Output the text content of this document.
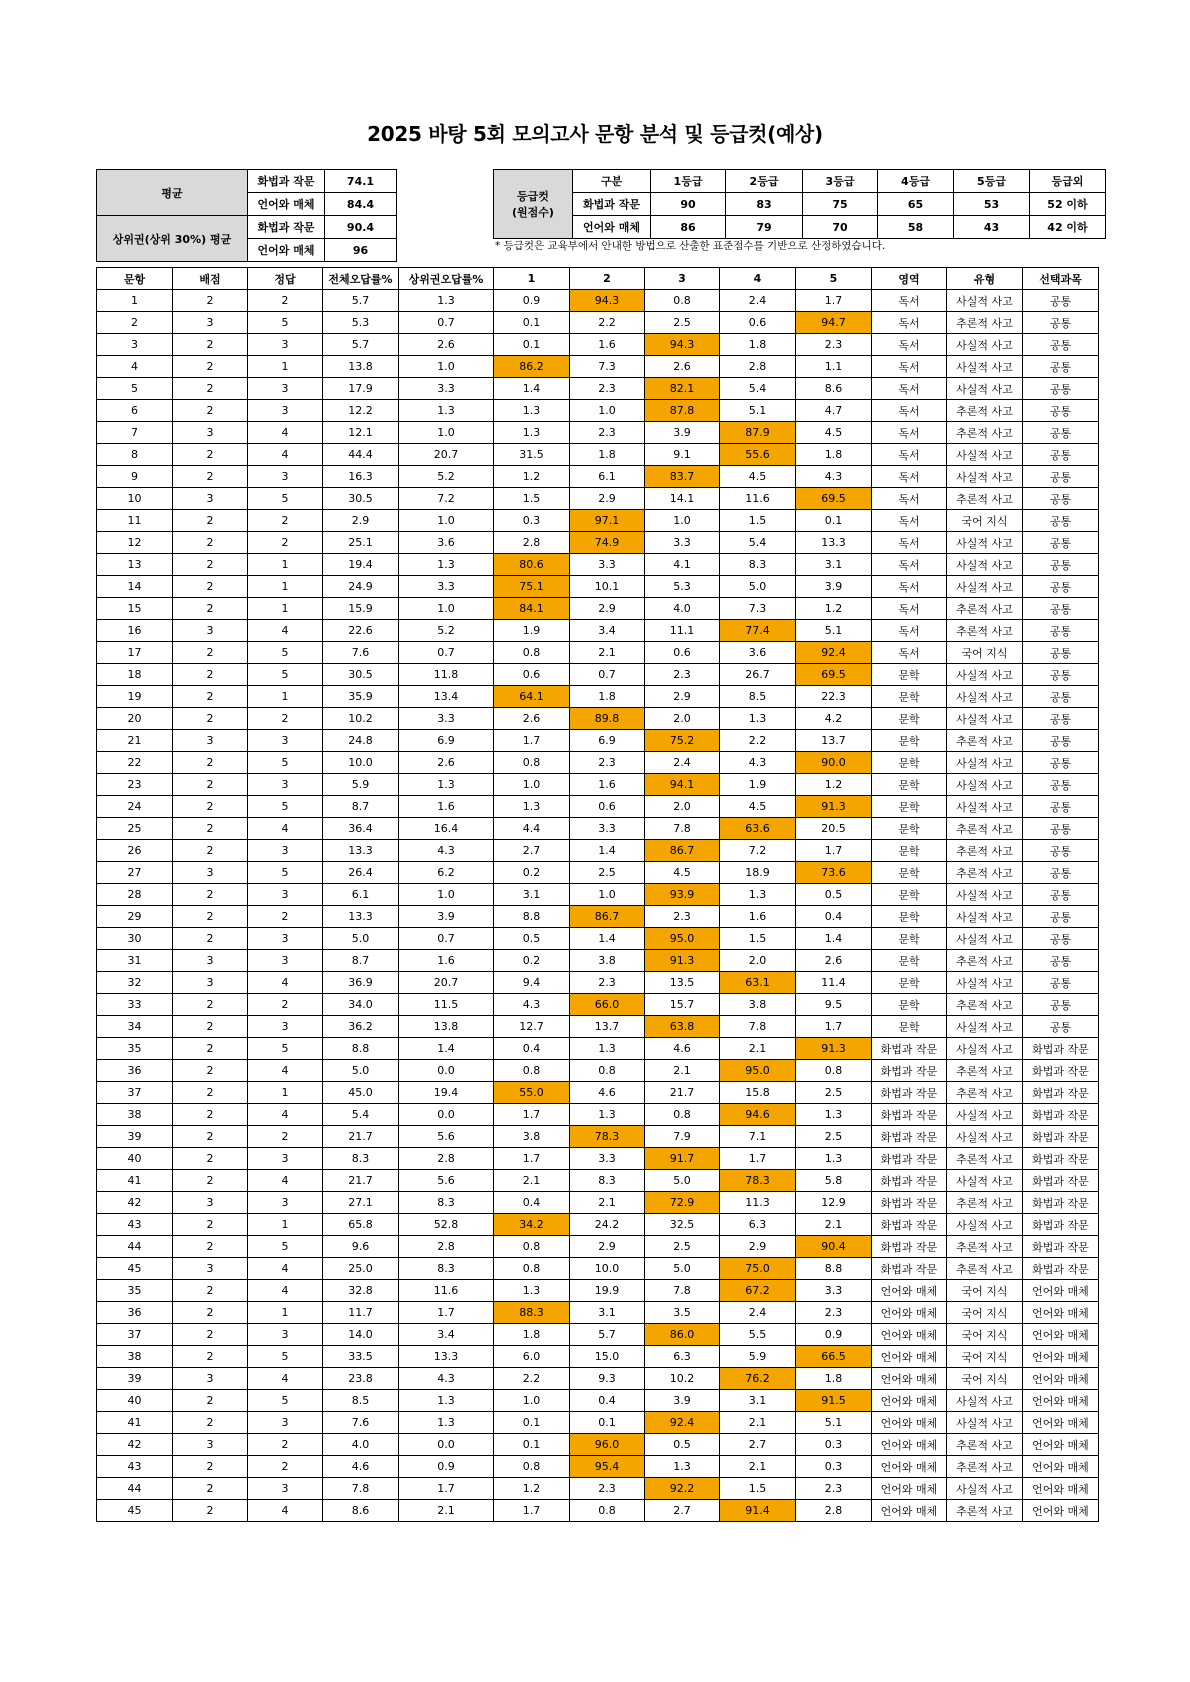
2025 바탕 5회 모의고사 문항 분석 및 등급컷(예상)
평균	화법과 작문	74.1
	언어와 매체	84.4
상위권(상위 30%) 평균	화법과 작문	90.4
	언어와 매체	96
등급컷
(원점수)	구분	1등급	2등급	3등급	4등급	5등급	등급외
	화법과 작문	90	83	75	65	53	52 이하
	언어와 매체	86	79	70	58	43	42 이하
* 등급컷은 교육부에서 안내한 방법으로 산출한 표준점수를 기반으로 산정하였습니다.
문항	배점	정답	전체오답률%	상위권오답률%	1	2	3	4	5	영역	유형	선택과목
1	2	2	5.7	1.3	0.9	94.3	0.8	2.4	1.7	독서	사실적 사고	공통
2	3	5	5.3	0.7	0.1	2.2	2.5	0.6	94.7	독서	추론적 사고	공통
3	2	3	5.7	2.6	0.1	1.6	94.3	1.8	2.3	독서	사실적 사고	공통
4	2	1	13.8	1.0	86.2	7.3	2.6	2.8	1.1	독서	사실적 사고	공통
5	2	3	17.9	3.3	1.4	2.3	82.1	5.4	8.6	독서	사실적 사고	공통
6	2	3	12.2	1.3	1.3	1.0	87.8	5.1	4.7	독서	추론적 사고	공통
7	3	4	12.1	1.0	1.3	2.3	3.9	87.9	4.5	독서	추론적 사고	공통
8	2	4	44.4	20.7	31.5	1.8	9.1	55.6	1.8	독서	사실적 사고	공통
9	2	3	16.3	5.2	1.2	6.1	83.7	4.5	4.3	독서	사실적 사고	공통
10	3	5	30.5	7.2	1.5	2.9	14.1	11.6	69.5	독서	추론적 사고	공통
11	2	2	2.9	1.0	0.3	97.1	1.0	1.5	0.1	독서	국어 지식	공통
12	2	2	25.1	3.6	2.8	74.9	3.3	5.4	13.3	독서	사실적 사고	공통
13	2	1	19.4	1.3	80.6	3.3	4.1	8.3	3.1	독서	사실적 사고	공통
14	2	1	24.9	3.3	75.1	10.1	5.3	5.0	3.9	독서	사실적 사고	공통
15	2	1	15.9	1.0	84.1	2.9	4.0	7.3	1.2	독서	추론적 사고	공통
16	3	4	22.6	5.2	1.9	3.4	11.1	77.4	5.1	독서	추론적 사고	공통
17	2	5	7.6	0.7	0.8	2.1	0.6	3.6	92.4	독서	국어 지식	공통
18	2	5	30.5	11.8	0.6	0.7	2.3	26.7	69.5	문학	사실적 사고	공통
19	2	1	35.9	13.4	64.1	1.8	2.9	8.5	22.3	문학	사실적 사고	공통
20	2	2	10.2	3.3	2.6	89.8	2.0	1.3	4.2	문학	사실적 사고	공통
21	3	3	24.8	6.9	1.7	6.9	75.2	2.2	13.7	문학	추론적 사고	공통
22	2	5	10.0	2.6	0.8	2.3	2.4	4.3	90.0	문학	사실적 사고	공통
23	2	3	5.9	1.3	1.0	1.6	94.1	1.9	1.2	문학	사실적 사고	공통
24	2	5	8.7	1.6	1.3	0.6	2.0	4.5	91.3	문학	사실적 사고	공통
25	2	4	36.4	16.4	4.4	3.3	7.8	63.6	20.5	문학	추론적 사고	공통
26	2	3	13.3	4.3	2.7	1.4	86.7	7.2	1.7	문학	추론적 사고	공통
27	3	5	26.4	6.2	0.2	2.5	4.5	18.9	73.6	문학	추론적 사고	공통
28	2	3	6.1	1.0	3.1	1.0	93.9	1.3	0.5	문학	사실적 사고	공통
29	2	2	13.3	3.9	8.8	86.7	2.3	1.6	0.4	문학	사실적 사고	공통
30	2	3	5.0	0.7	0.5	1.4	95.0	1.5	1.4	문학	사실적 사고	공통
31	3	3	8.7	1.6	0.2	3.8	91.3	2.0	2.6	문학	추론적 사고	공통
32	3	4	36.9	20.7	9.4	2.3	13.5	63.1	11.4	문학	사실적 사고	공통
33	2	2	34.0	11.5	4.3	66.0	15.7	3.8	9.5	문학	추론적 사고	공통
34	2	3	36.2	13.8	12.7	13.7	63.8	7.8	1.7	문학	사실적 사고	공통
35	2	5	8.8	1.4	0.4	1.3	4.6	2.1	91.3	화법과 작문	사실적 사고	화법과 작문
36	2	4	5.0	0.0	0.8	0.8	2.1	95.0	0.8	화법과 작문	추론적 사고	화법과 작문
37	2	1	45.0	19.4	55.0	4.6	21.7	15.8	2.5	화법과 작문	추론적 사고	화법과 작문
38	2	4	5.4	0.0	1.7	1.3	0.8	94.6	1.3	화법과 작문	사실적 사고	화법과 작문
39	2	2	21.7	5.6	3.8	78.3	7.9	7.1	2.5	화법과 작문	사실적 사고	화법과 작문
40	2	3	8.3	2.8	1.7	3.3	91.7	1.7	1.3	화법과 작문	추론적 사고	화법과 작문
41	2	4	21.7	5.6	2.1	8.3	5.0	78.3	5.8	화법과 작문	사실적 사고	화법과 작문
42	3	3	27.1	8.3	0.4	2.1	72.9	11.3	12.9	화법과 작문	추론적 사고	화법과 작문
43	2	1	65.8	52.8	34.2	24.2	32.5	6.3	2.1	화법과 작문	사실적 사고	화법과 작문
44	2	5	9.6	2.8	0.8	2.9	2.5	2.9	90.4	화법과 작문	추론적 사고	화법과 작문
45	3	4	25.0	8.3	0.8	10.0	5.0	75.0	8.8	화법과 작문	추론적 사고	화법과 작문
35	2	4	32.8	11.6	1.3	19.9	7.8	67.2	3.3	언어와 매체	국어 지식	언어와 매체
36	2	1	11.7	1.7	88.3	3.1	3.5	2.4	2.3	언어와 매체	국어 지식	언어와 매체
37	2	3	14.0	3.4	1.8	5.7	86.0	5.5	0.9	언어와 매체	국어 지식	언어와 매체
38	2	5	33.5	13.3	6.0	15.0	6.3	5.9	66.5	언어와 매체	국어 지식	언어와 매체
39	3	4	23.8	4.3	2.2	9.3	10.2	76.2	1.8	언어와 매체	국어 지식	언어와 매체
40	2	5	8.5	1.3	1.0	0.4	3.9	3.1	91.5	언어와 매체	사실적 사고	언어와 매체
41	2	3	7.6	1.3	0.1	0.1	92.4	2.1	5.1	언어와 매체	사실적 사고	언어와 매체
42	3	2	4.0	0.0	0.1	96.0	0.5	2.7	0.3	언어와 매체	추론적 사고	언어와 매체
43	2	2	4.6	0.9	0.8	95.4	1.3	2.1	0.3	언어와 매체	추론적 사고	언어와 매체
44	2	3	7.8	1.7	1.2	2.3	92.2	1.5	2.3	언어와 매체	사실적 사고	언어와 매체
45	2	4	8.6	2.1	1.7	0.8	2.7	91.4	2.8	언어와 매체	추론적 사고	언어와 매체
